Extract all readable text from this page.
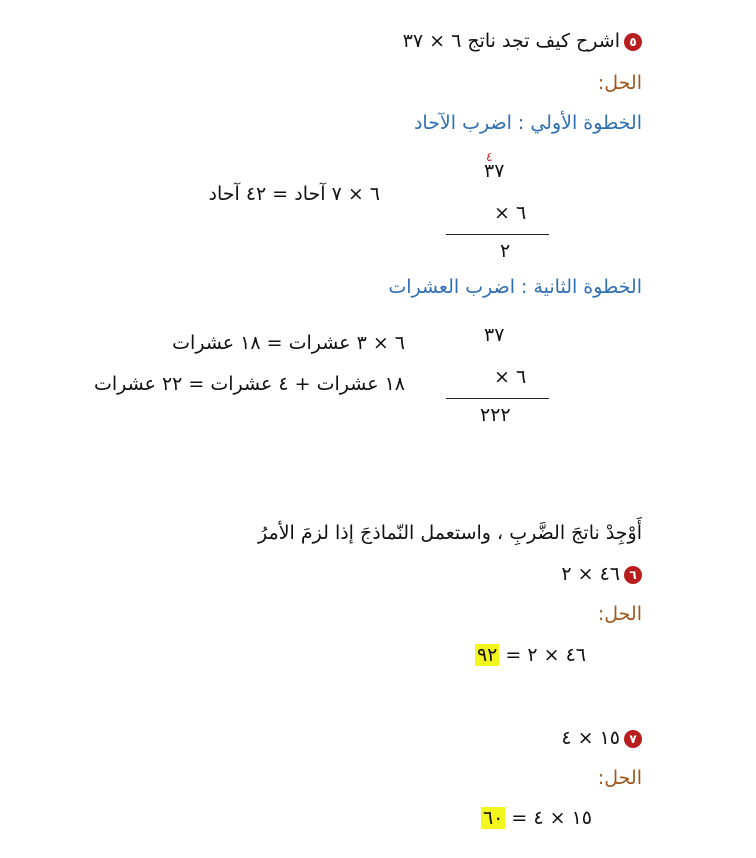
٥اشرح كيف تجد ناتج ٦ × ٣٧
الحل:
الخطوة الأولي : اضرب الآحاد
٤
٣٧
٦ ×
٢
٦ × ٧ آحاد = ٤٢ آحاد
الخطوة الثانية : اضرب العشرات
٣٧
٦ ×
٢٢٢
٦ × ٣ عشرات = ١٨ عشرات
١٨ عشرات + ٤ عشرات = ٢٢ عشرات
أَوْجِدْ ناتجَ الضَّربِ ، واستعمل النّماذجَ إذا لزمَ الأمرُ
٦٤٦ × ٢
الحل:
٤٦ × ٢ = ٩٢
٧١٥ × ٤
الحل:
١٥ × ٤ = ٦٠
